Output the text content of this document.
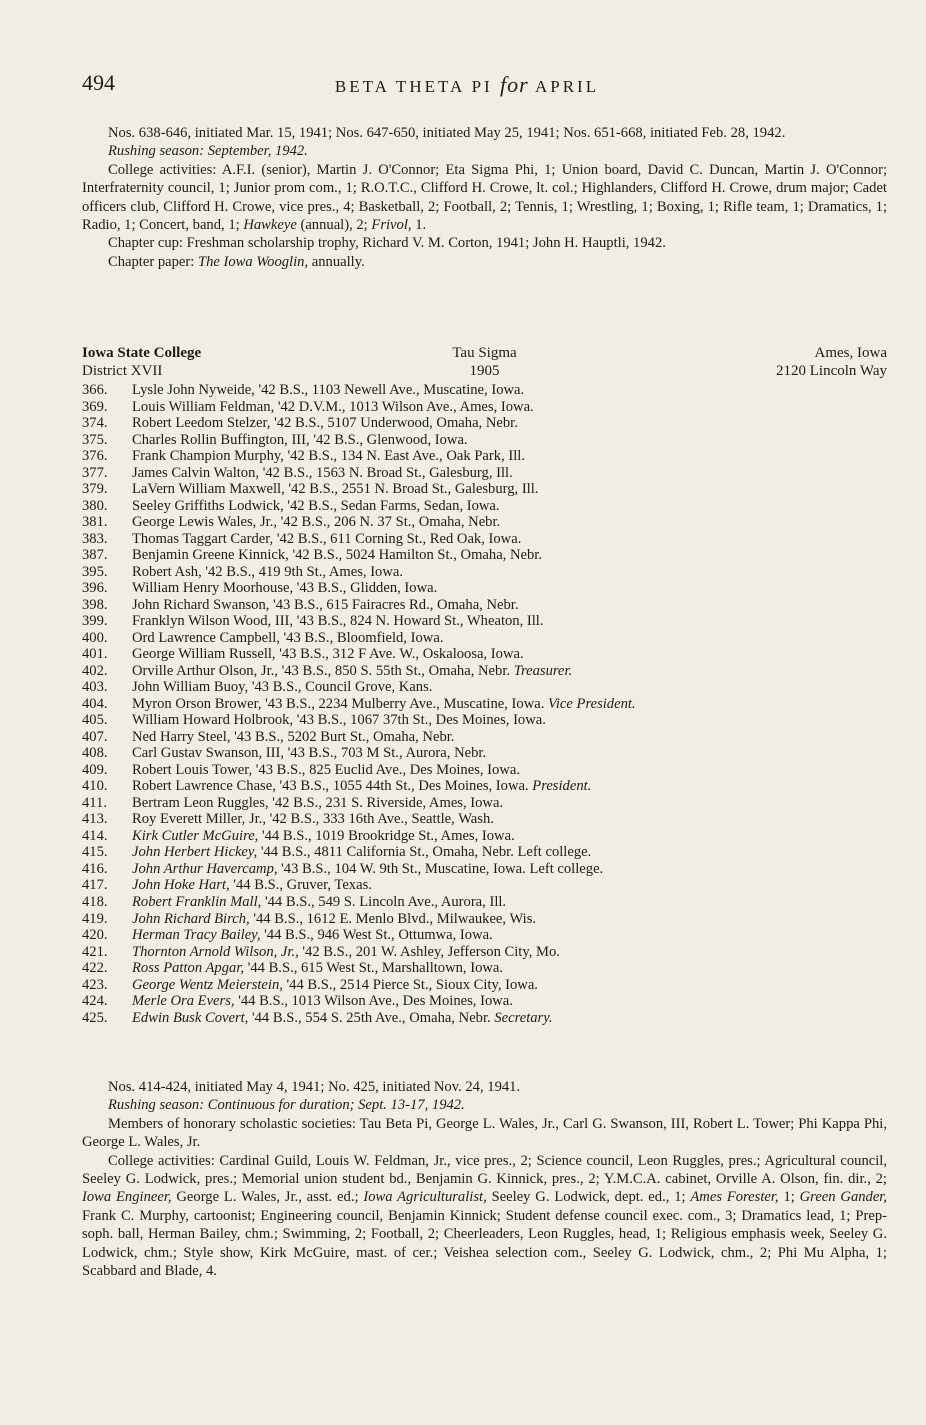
494	BETA THETA PI for APRIL

Nos. 638-646, initiated Mar. 15, 1941; Nos. 647-650, initiated May 25, 1941; Nos. 651-668, initiated Feb. 28, 1942.

Rushing season: September, 1942.

College activities: A.F.I. (senior), Martin J. O'Connor; Eta Sigma Phi, 1; Union board, David C. Duncan, Martin J. O'Connor; Interfraternity council, 1; Junior prom com., 1; R.O.T.C., Clifford H. Crowe, lt. col.; Highlanders, Clifford H. Crowe, drum major; Cadet officers club, Clifford H. Crowe, vice pres., 4; Basketball, 2; Football, 2; Tennis, 1; Wrestling, 1; Boxing, 1; Rifle team, 1; Dramatics, 1; Radio, 1; Concert, band, 1; Hawkeye (annual), 2; Frivol, 1.

Chapter cup: Freshman scholarship trophy, Richard V. M. Corton, 1941; John H. Hauptli, 1942.

Chapter paper: The Iowa Wooglin, annually.

Iowa State College	Tau Sigma	Ames, Iowa
District XVII	1905	2120 Lincoln Way
366. Lysle John Nyweide, '42 B.S., 1103 Newell Ave., Muscatine, Iowa.
369. Louis William Feldman, '42 D.V.M., 1013 Wilson Ave., Ames, Iowa.
374. Robert Leedom Stelzer, '42 B.S., 5107 Underwood, Omaha, Nebr.
375. Charles Rollin Buffington, III, '42 B.S., Glenwood, Iowa.
376. Frank Champion Murphy, '42 B.S., 134 N. East Ave., Oak Park, Ill.
377. James Calvin Walton, '42 B.S., 1563 N. Broad St., Galesburg, Ill.
379. LaVern William Maxwell, '42 B.S., 2551 N. Broad St., Galesburg, Ill.
380. Seeley Griffiths Lodwick, '42 B.S., Sedan Farms, Sedan, Iowa.
381. George Lewis Wales, Jr., '42 B.S., 206 N. 37 St., Omaha, Nebr.
383. Thomas Taggart Carder, '42 B.S., 611 Corning St., Red Oak, Iowa.
387. Benjamin Greene Kinnick, '42 B.S., 5024 Hamilton St., Omaha, Nebr.
395. Robert Ash, '42 B.S., 419 9th St., Ames, Iowa.
396. William Henry Moorhouse, '43 B.S., Glidden, Iowa.
398. John Richard Swanson, '43 B.S., 615 Fairacres Rd., Omaha, Nebr.
399. Franklyn Wilson Wood, III, '43 B.S., 824 N. Howard St., Wheaton, Ill.
400. Ord Lawrence Campbell, '43 B.S., Bloomfield, Iowa.
401. George William Russell, '43 B.S., 312 F Ave. W., Oskaloosa, Iowa.
402. Orville Arthur Olson, Jr., '43 B.S., 850 S. 55th St., Omaha, Nebr. Treasurer.
403. John William Buoy, '43 B.S., Council Grove, Kans.
404. Myron Orson Brower, '43 B.S., 2234 Mulberry Ave., Muscatine, Iowa. Vice President.
405. William Howard Holbrook, '43 B.S., 1067 37th St., Des Moines, Iowa.
407. Ned Harry Steel, '43 B.S., 5202 Burt St., Omaha, Nebr.
408. Carl Gustav Swanson, III, '43 B.S., 703 M St., Aurora, Nebr.
409. Robert Louis Tower, '43 B.S., 825 Euclid Ave., Des Moines, Iowa.
410. Robert Lawrence Chase, '43 B.S., 1055 44th St., Des Moines, Iowa. President.
411. Bertram Leon Ruggles, '42 B.S., 231 S. Riverside, Ames, Iowa.
413. Roy Everett Miller, Jr., '42 B.S., 333 16th Ave., Seattle, Wash.
414. Kirk Cutler McGuire, '44 B.S., 1019 Brookridge St., Ames, Iowa.
415. John Herbert Hickey, '44 B.S., 4811 California St., Omaha, Nebr. Left college.
416. John Arthur Havercamp, '43 B.S., 104 W. 9th St., Muscatine, Iowa. Left college.
417. John Hoke Hart, '44 B.S., Gruver, Texas.
418. Robert Franklin Mall, '44 B.S., 549 S. Lincoln Ave., Aurora, Ill.
419. John Richard Birch, '44 B.S., 1612 E. Menlo Blvd., Milwaukee, Wis.
420. Herman Tracy Bailey, '44 B.S., 946 West St., Ottumwa, Iowa.
421. Thornton Arnold Wilson, Jr., '42 B.S., 201 W. Ashley, Jefferson City, Mo.
422. Ross Patton Apgar, '44 B.S., 615 West St., Marshalltown, Iowa.
423. George Wentz Meierstein, '44 B.S., 2514 Pierce St., Sioux City, Iowa.
424. Merle Ora Evers, '44 B.S., 1013 Wilson Ave., Des Moines, Iowa.
425. Edwin Busk Covert, '44 B.S., 554 S. 25th Ave., Omaha, Nebr. Secretary.

Nos. 414-424, initiated May 4, 1941; No. 425, initiated Nov. 24, 1941.

Rushing season: Continuous for duration; Sept. 13-17, 1942.

Members of honorary scholastic societies: Tau Beta Pi, George L. Wales, Jr., Carl G. Swanson, III, Robert L. Tower; Phi Kappa Phi, George L. Wales, Jr.

College activities: Cardinal Guild, Louis W. Feldman, Jr., vice pres., 2; Science council, Leon Ruggles, pres.; Agricultural council, Seeley G. Lodwick, pres.; Memorial union student bd., Benjamin G. Kinnick, pres., 2; Y.M.C.A. cabinet, Orville A. Olson, fin. dir., 2; Iowa Engineer, George L. Wales, Jr., asst. ed.; Iowa Agriculturalist, Seeley G. Lodwick, dept. ed., 1; Ames Forester, 1; Green Gander, Frank C. Murphy, cartoonist; Engineering council, Benjamin Kinnick; Student defense council exec. com., 3; Dramatics lead, 1; Prep-soph. ball, Herman Bailey, chm.; Swimming, 2; Football, 2; Cheerleaders, Leon Ruggles, head, 1; Religious emphasis week, Seeley G. Lodwick, chm.; Style show, Kirk McGuire, mast. of cer.; Veishea selection com., Seeley G. Lodwick, chm., 2; Phi Mu Alpha, 1; Scabbard and Blade, 4.
